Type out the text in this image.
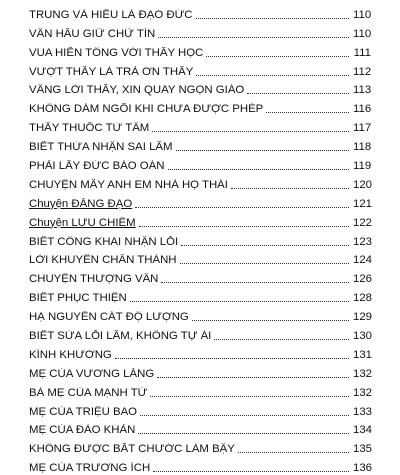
TRUNG VÀ HIẾU LÀ ĐẠO ĐỨC	110
VÂN HẦU GIỮ CHỮ TÍN	110
VUA HIẾN TÔNG VỚI THẦY HỌC	111
VƯỢT THẦY LÀ TRẢ ƠN THẦY	112
VÂNG LỜI THẦY, XIN QUAY NGỌN GIÁO	113
KHÔNG DÁM NGỒI KHI CHƯA ĐƯỢC PHÉP	116
THẦY THUỐC TỪ TÂM	117
BIẾT THỪA NHẬN SAI LẦM	118
PHẢI LẤY ĐỨC BÁO OÁN	119
CHUYỆN MẤY ANH EM NHÀ HỌ THÁI	120
Chuyện ĐĂNG ĐẠO	121
Chuyện LƯU CHIÊM	122
BIẾT CÔNG KHAI NHẬN LỖI	123
LỜI KHUYÊN CHÂN THÀNH	124
CHUYỆN THƯỢNG VÂN	126
BIẾT PHỤC THIỆN	128
HẠ NGUYÊN CÁT ĐỘ LƯỢNG	129
BIẾT SỬA LỖI LẦM, KHÔNG TỰ ÁI	130
KÍNH KHƯƠNG	131
MẸ CỦA VƯƠNG LĂNG	132
BÀ MẸ CỦA MẠNH TỬ	132
MẸ CỦA TRIỆU BAO	133
MẸ CỦA ĐÀO KHẢN	134
KHÔNG ĐƯỢC BẮT CHƯỚC LÀM BẬY	135
MẸ CỦA TRƯƠNG ÍCH	136
